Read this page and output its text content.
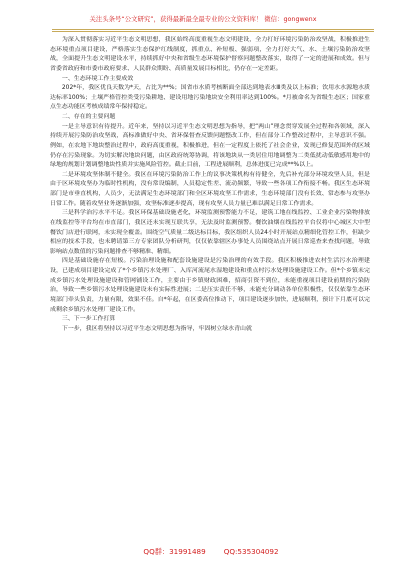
关注头条号“公文研究”，获得最新最全最专业的公文资料库！ 微信：gongwenx

为深入贯彻落实习近平生态文明思想，我区始终高度重视生态文明建设，全力打好环境污染防治攻坚战，积极推进生态环境重点项目建设，严格落实生态保护红线制度，抓重点、补短板、强弱项，全力打好大气、水、土壤污染防治攻坚战，全面提升生态文明建设水平，持续抓好中央和省级生态环境保护督察问题整改落实，取得了一定的进展和成效。但与省委省政府和市委市政府要求、人民群众期盼、高质量发展目标相比，仍存在一定差距。

一、生态环境工作主要成效

202*年，我区优良天数为*天，占比为**%；国省市水质考核断面全部达到地表水Ⅲ类及以上标准；饮用水水源地水质达标率100%；土壤严格管控类受污染耕地、建设用地污染地块安全利用率达到100%。*月被命名为省级生态区；国家重点生态功能区考核成绩常年保持稳定。

二、存在的主要问题

一是主导意识有待提升。近年来，坚持以习近平生态文明思想为指导，把“两山”理念贯穿发展全过程和各领域，深入持续开展污染防治攻坚战，高标准做好中央、省环保督查反馈问题整改工作，但在部分工作整改过程中，主导意识不强。例如，在农地下地块整治过程中，政府高度重视，积极推进，但在一定程度上依托了社会企业，发现已修复范围外的区域仍存在污染现象。为切实解决地块问题，由区政府统筹协调，将该地块从一类居住用地调整为二类低扰动低敏感用地中的绿地的规划计划调整地块性质并实施风险管控。截止目前，工程进展顺利，总体进度已完成**%以上。

二是环境攻坚体制不健全。我区在环境污染防治工作上的议事决策机构有待健全，先后补充部分环境攻坚人员，但是由于区环境攻坚办为临时性机构，没有常设编制，人员稳定性差、流动频繁，导致一些各项工作衔接不畅。我区生态环境部门是市垂直机构，人员少，无法满足生态环境部门和全区环境攻坚工作需求，生态环境部门没有长效、常态参与攻坚办日常工作。随着攻坚业务逐渐加强，攻坚标准逐步提高，现有攻坚人员力量已难以满足日常工作需求。

三是科学治污水平不足。我区环保基础设施老化，环境监测预警能力不足，建筑工地在线监控、工业企业污染物排放在线监控等平台均在市直部门，我区还未实现互联共享，无法及时监测预警。餐饮油烟在线监控平台仅将中心城区大中型餐饮门店进行联网，未实现全覆盖。围绕空气质量二级达标目标，我区组织人员24小时开展站点精细化管控工作，但缺少相应的技术手段，也未聘请第三方专家团队分析研判，仅仅依靠辖区办事处人员围绕站点开展日常巡查来查找问题，导致影响站点数值的污染问题排查不够精准、精细。

四是基础设施存在短板。污染治理设施和配套设施建设是污染治理的有效手段。我区积极推进农村生活污水治理建设，已建成项目建设完成了*个乡镇污水处理厂、入库河流尾水湿地建设和重点村污水处理设施建设工作。但*个乡镇未完成乡镇污水处理设施建设和管网铺设工作，主要由于乡镇财政困难，招商引资不到位，未能重视项目建设前期的污染防治，导致一些乡镇污水处理设施建设未有实际性进展；二是压实责任不够，未能充分调动各单位积极性，仅仅依靠生态环境部门牵头负责，力量有限，效果不佳。自*年起，在区委高位推动下，项目建设逐步加快，进展顺利，预计下月底可以完成剩余乡镇污水处理厂建设工作。

三、下一步工作打算

下一步，我区将坚持以习近平生态文明思想为指导，牢固树立绿水青山就

QQ群：31991489	QQ:535304092
